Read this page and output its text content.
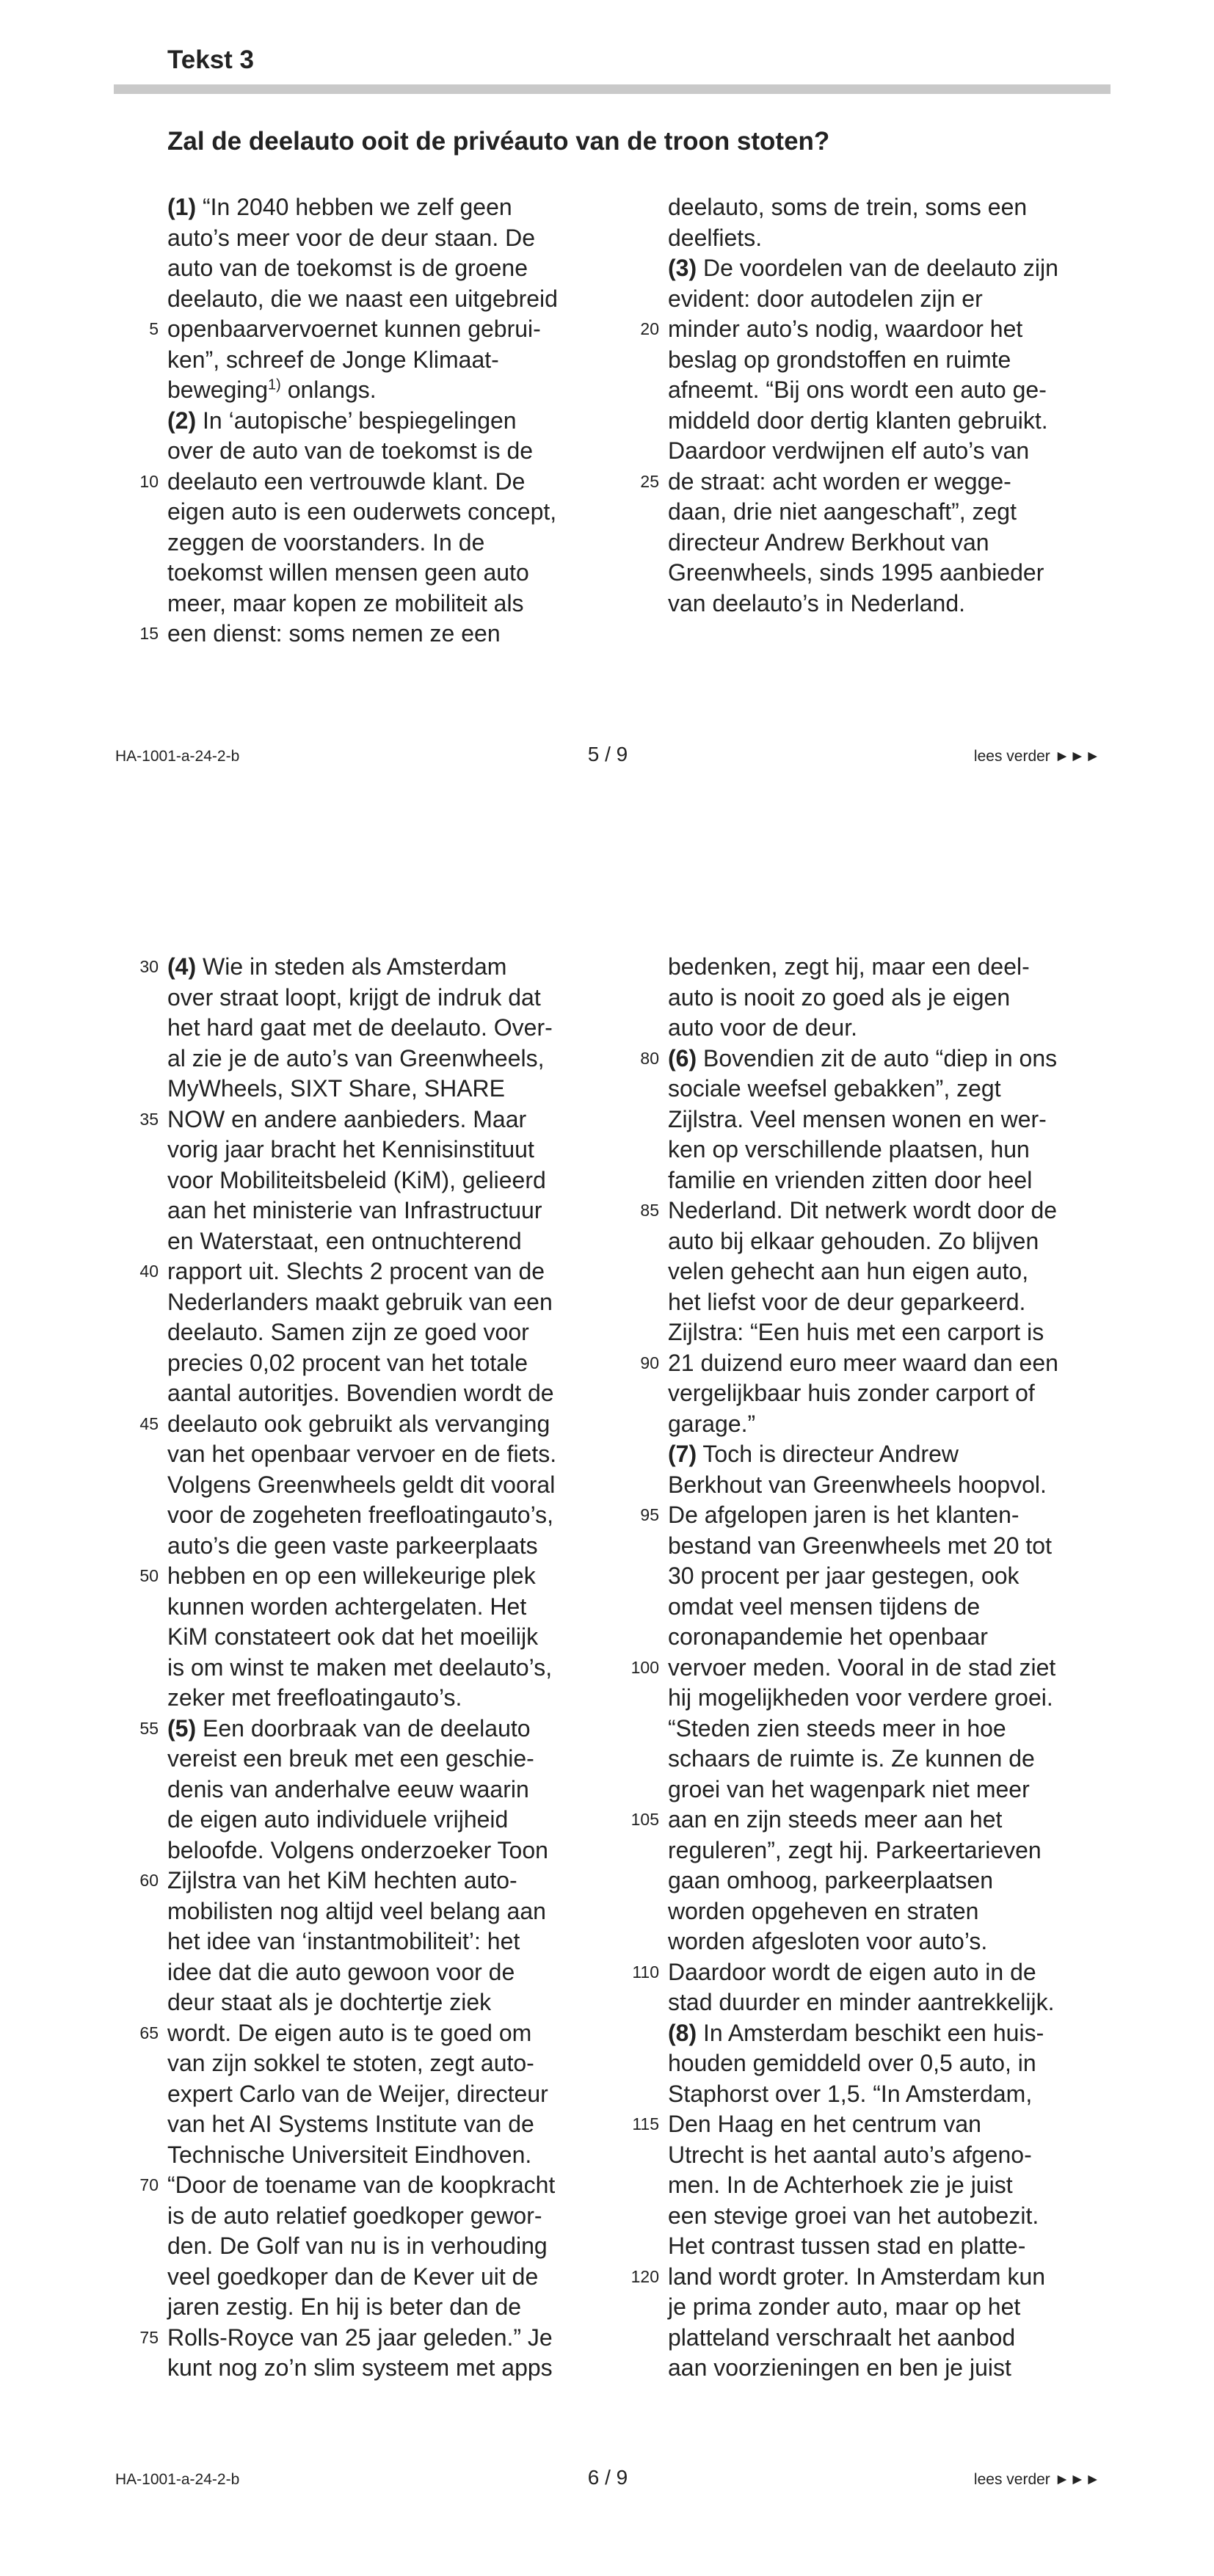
Tekst 3
Zal de deelauto ooit de privéauto van de troon stoten?
(1) “In 2040 hebben we zelf geen
auto’s meer voor de deur staan. De
auto van de toekomst is de groene
deelauto, die we naast een uitgebreid
5 openbaarvervoernet kunnen gebrui-
ken”, schreef de Jonge Klimaat-
beweging$^{1)}$ onlangs.
(2) In ‘autopische’ bespiegelingen
over de auto van de toekomst is de
10 deelauto een vertrouwde klant. De
eigen auto is een ouderwets concept,
zeggen de voorstanders. In de
toekomst willen mensen geen auto
meer, maar kopen ze mobiliteit als
15 een dienst: soms nemen ze een
deelauto, soms de trein, soms een
deelfiets.
(3) De voordelen van de deelauto zijn
evident: door autodelen zijn er
20 minder auto’s nodig, waardoor het
beslag op grondstoffen en ruimte
afneemt. “Bij ons wordt een auto ge-
middeld door dertig klanten gebruikt.
Daardoor verdwijnen elf auto’s van
25 de straat: acht worden er wegge-
daan, drie niet aangeschaft”, zegt
directeur Andrew Berkhout van
Greenwheels, sinds 1995 aanbieder
van deelauto’s in Nederland.
HA-1001-a-24-2-b	5 / 9	lees verder ►►►
30 (4) Wie in steden als Amsterdam
over straat loopt, krijgt de indruk dat
het hard gaat met de deelauto. Over-
al zie je de auto’s van Greenwheels,
MyWheels, SIXT Share, SHARE
35 NOW en andere aanbieders. Maar
vorig jaar bracht het Kennisinstituut
voor Mobiliteitsbeleid (KiM), gelieerd
aan het ministerie van Infrastructuur
en Waterstaat, een ontnuchterend
40 rapport uit. Slechts 2 procent van de
Nederlanders maakt gebruik van een
deelauto. Samen zijn ze goed voor
precies 0,02 procent van het totale
aantal autoritjes. Bovendien wordt de
45 deelauto ook gebruikt als vervanging
van het openbaar vervoer en de fiets.
Volgens Greenwheels geldt dit vooral
voor de zogeheten freefloatingauto’s,
auto’s die geen vaste parkeerplaats
50 hebben en op een willekeurige plek
kunnen worden achtergelaten. Het
KiM constateert ook dat het moeilijk
is om winst te maken met deelauto’s,
zeker met freefloatingauto’s.
55 (5) Een doorbraak van de deelauto
vereist een breuk met een geschie-
denis van anderhalve eeuw waarin
de eigen auto individuele vrijheid
beloofde. Volgens onderzoeker Toon
60 Zijlstra van het KiM hechten auto-
mobilisten nog altijd veel belang aan
het idee van ‘instantmobiliteit’: het
idee dat die auto gewoon voor de
deur staat als je dochtertje ziek
65 wordt. De eigen auto is te goed om
van zijn sokkel te stoten, zegt auto-
expert Carlo van de Weijer, directeur
van het AI Systems Institute van de
Technische Universiteit Eindhoven.
70 “Door de toename van de koopkracht
is de auto relatief goedkoper gewor-
den. De Golf van nu is in verhouding
veel goedkoper dan de Kever uit de
jaren zestig. En hij is beter dan de
75 Rolls-Royce van 25 jaar geleden.” Je
kunt nog zo’n slim systeem met apps
bedenken, zegt hij, maar een deel-
auto is nooit zo goed als je eigen
auto voor de deur.
80 (6) Bovendien zit de auto “diep in ons
sociale weefsel gebakken”, zegt
Zijlstra. Veel mensen wonen en wer-
ken op verschillende plaatsen, hun
familie en vrienden zitten door heel
85 Nederland. Dit netwerk wordt door de
auto bij elkaar gehouden. Zo blijven
velen gehecht aan hun eigen auto,
het liefst voor de deur geparkeerd.
Zijlstra: “Een huis met een carport is
90 21 duizend euro meer waard dan een
vergelijkbaar huis zonder carport of
garage.”
(7) Toch is directeur Andrew
Berkhout van Greenwheels hoopvol.
95 De afgelopen jaren is het klanten-
bestand van Greenwheels met 20 tot
30 procent per jaar gestegen, ook
omdat veel mensen tijdens de
coronapandemie het openbaar
100 vervoer meden. Vooral in de stad ziet
hij mogelijkheden voor verdere groei.
“Steden zien steeds meer in hoe
schaars de ruimte is. Ze kunnen de
groei van het wagenpark niet meer
105 aan en zijn steeds meer aan het
reguleren”, zegt hij. Parkeertarieven
gaan omhoog, parkeerplaatsen
worden opgeheven en straten
worden afgesloten voor auto’s.
110 Daardoor wordt de eigen auto in de
stad duurder en minder aantrekkelijk.
(8) In Amsterdam beschikt een huis-
houden gemiddeld over 0,5 auto, in
Staphorst over 1,5. “In Amsterdam,
115 Den Haag en het centrum van
Utrecht is het aantal auto’s afgeno-
men. In de Achterhoek zie je juist
een stevige groei van het autobezit.
Het contrast tussen stad en platte-
120 land wordt groter. In Amsterdam kun
je prima zonder auto, maar op het
platteland verschraalt het aanbod
aan voorzieningen en ben je juist
HA-1001-a-24-2-b	6 / 9	lees verder ►►►
